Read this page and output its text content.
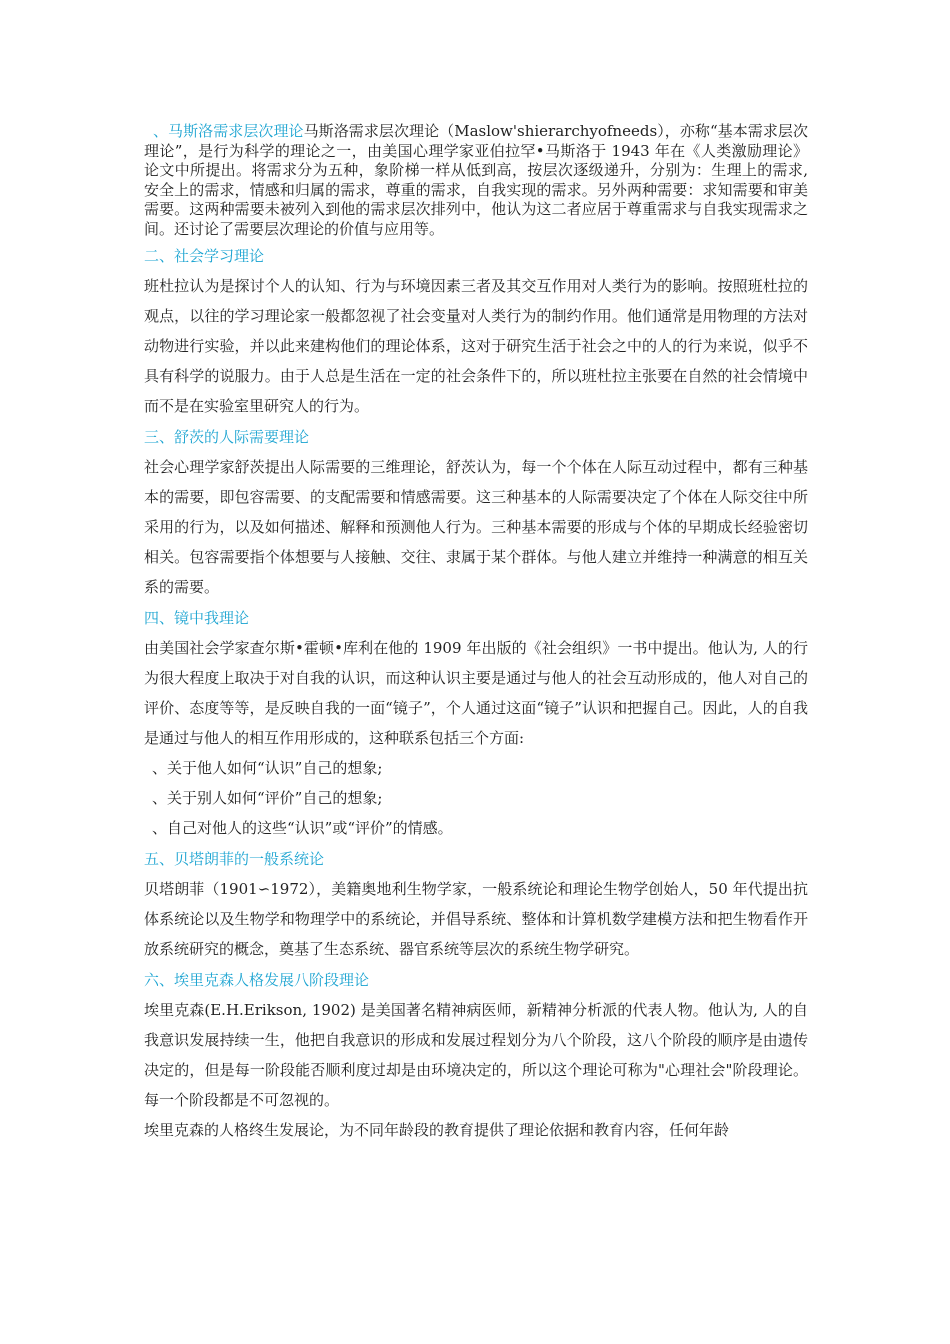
、马斯洛需求层次理论马斯洛需求层次理论（Maslow'shierarchyofneeds），亦称“基本需求层次理论”，是行为科学的理论之一，由美国心理学家亚伯拉罕•马斯洛于 1943 年在《人类激励理论》论文中所提出。将需求分为五种，象阶梯一样从低到高，按层次逐级递升，分别为：生理上的需求, 安全上的需求，情感和归属的需求，尊重的需求，自我实现的需求。另外两种需要：求知需要和审美需要。这两种需要未被列入到他的需求层次排列中，他认为这二者应居于尊重需求与自我实现需求之间。还讨论了需要层次理论的价值与应用等。

二、社会学习理论

班杜拉认为是探讨个人的认知、行为与环境因素三者及其交互作用对人类行为的影响。按照班杜拉的观点，以往的学习理论家一般都忽视了社会变量对人类行为的制约作用。他们通常是用物理的方法对动物进行实验，并以此来建构他们的理论体系，这对于研究生活于社会之中的人的行为来说，似乎不具有科学的说服力。由于人总是生活在一定的社会条件下的，所以班杜拉主张要在自然的社会情境中而不是在实验室里研究人的行为。

三、舒茨的人际需要理论

社会心理学家舒茨提出人际需要的三维理论，舒茨认为，每一个个体在人际互动过程中，都有三种基本的需要，即包容需要、的支配需要和情感需要。这三种基本的人际需要决定了个体在人际交往中所采用的行为，以及如何描述、解释和预测他人行为。三种基本需要的形成与个体的早期成长经验密切相关。包容需要指个体想要与人接触、交往、隶属于某个群体。与他人建立并维持一种满意的相互关系的需要。

四、镜中我理论

由美国社会学家查尔斯•霍顿•库利在他的 1909 年出版的《社会组织》一书中提出。他认为, 人的行为很大程度上取决于对自我的认识，而这种认识主要是通过与他人的社会互动形成的，他人对自己的评价、态度等等，是反映自我的一面“镜子”，个人通过这面“镜子”认识和把握自己。因此，人的自我是通过与他人的相互作用形成的，这种联系包括三个方面:

、关于他人如何“认识”自己的想象;

、关于别人如何“评价”自己的想象;

、自己对他人的这些“认识”或“评价”的情感。

五、贝塔朗菲的一般系统论

贝塔朗菲（1901∽1972），美籍奥地利生物学家，一般系统论和理论生物学创始人，50 年代提出抗体系统论以及生物学和物理学中的系统论，并倡导系统、整体和计算机数学建模方法和把生物看作开放系统研究的概念，奠基了生态系统、器官系统等层次的系统生物学研究。

六、埃里克森人格发展八阶段理论

埃里克森(E.H.Erikson, 1902) 是美国著名精神病医师，新精神分析派的代表人物。他认为, 人的自我意识发展持续一生，他把自我意识的形成和发展过程划分为八个阶段，这八个阶段的顺序是由遗传决定的，但是每一阶段能否顺利度过却是由环境决定的，所以这个理论可称为"心理社会"阶段理论。每一个阶段都是不可忽视的。

埃里克森的人格终生发展论，为不同年龄段的教育提供了理论依据和教育内容，任何年龄
